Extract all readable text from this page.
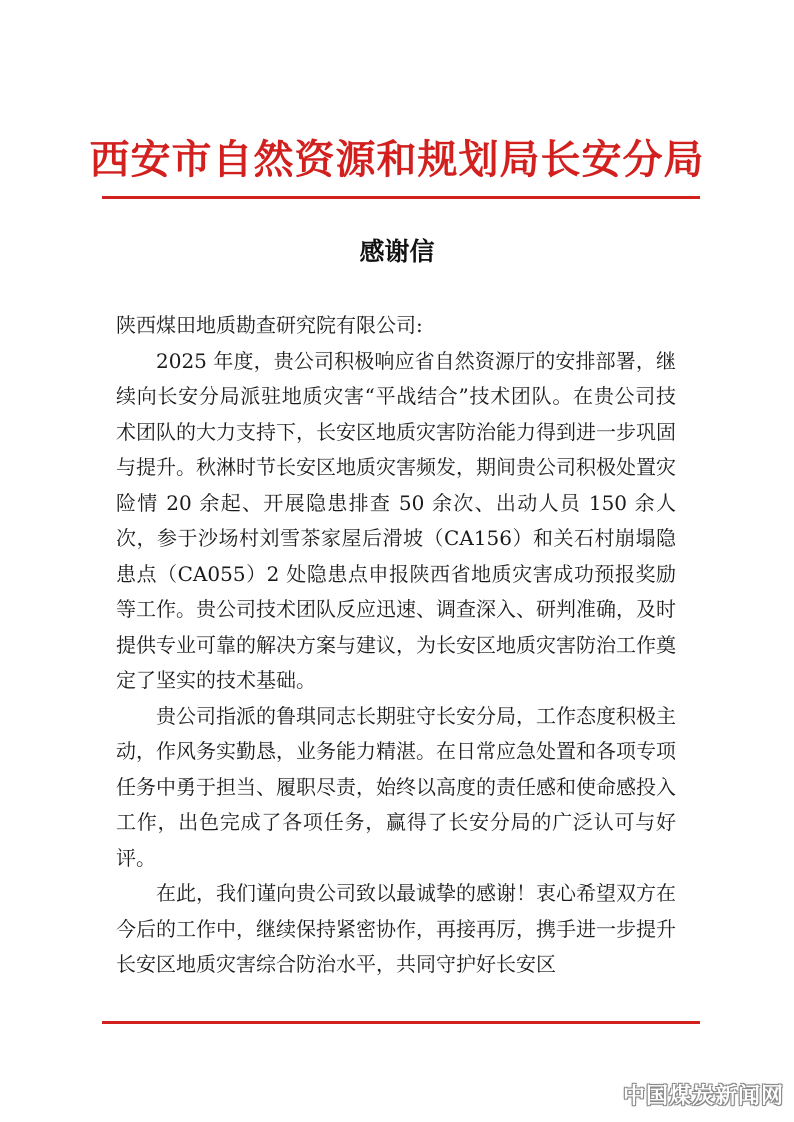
西安市自然资源和规划局长安分局
感谢信

陕西煤田地质勘查研究院有限公司:

2025 年度，贵公司积极响应省自然资源厅的安排部署，继续向长安分局派驻地质灾害“平战结合”技术团队。在贵公司技术团队的大力支持下，长安区地质灾害防治能力得到进一步巩固与提升。秋淋时节长安区地质灾害频发，期间贵公司积极处置灾险情 20 余起、开展隐患排查 50 余次、出动人员 150 余人次，参于沙场村刘雪茶家屋后滑坡（CA156）和关石村崩塌隐患点（CA055）2 处隐患点申报陕西省地质灾害成功预报奖励等工作。贵公司技术团队反应迅速、调查深入、研判准确，及时提供专业可靠的解决方案与建议，为长安区地质灾害防治工作奠定了坚实的技术基础。

贵公司指派的鲁琪同志长期驻守长安分局，工作态度积极主动，作风务实勤恳，业务能力精湛。在日常应急处置和各项专项任务中勇于担当、履职尽责，始终以高度的责任感和使命感投入工作，出色完成了各项任务，赢得了长安分局的广泛认可与好评。

在此，我们谨向贵公司致以最诚挚的感谢！衷心希望双方在今后的工作中，继续保持紧密协作，再接再厉，携手进一步提升长安区地质灾害综合防治水平，共同守护好长安区

中国煤炭新闻网
